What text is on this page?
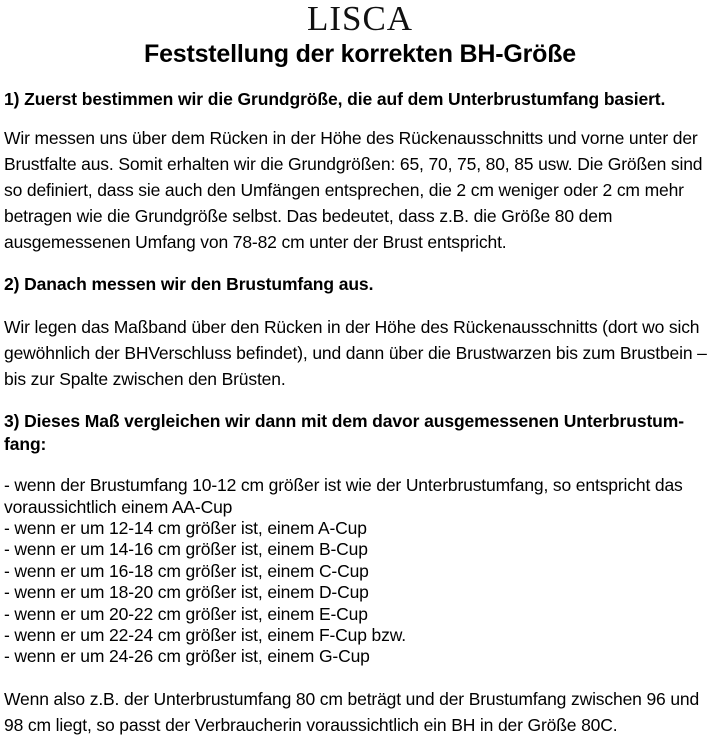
LISCA
Feststellung der korrekten BH-Größe

1) Zuerst bestimmen wir die Grundgröße, die auf dem Unterbrustumfang basiert.

Wir messen uns über dem Rücken in der Höhe des Rückenausschnitts und vorne unter der Brustfalte aus. Somit erhalten wir die Grundgrößen: 65, 70, 75, 80, 85 usw. Die Größen sind so definiert, dass sie auch den Umfängen entsprechen, die 2 cm weniger oder 2 cm mehr betragen wie die Grundgröße selbst. Das bedeutet, dass z.B. die Größe 80 dem ausgemessenen Umfang von 78-82 cm unter der Brust entspricht.

2) Danach messen wir den Brustumfang aus.

Wir legen das Maßband über den Rücken in der Höhe des Rückenausschnitts (dort wo sich gewöhnlich der BHVerschluss befindet), und dann über die Brustwarzen bis zum Brustbein – bis zur Spalte zwischen den Brüsten.

3) Dieses Maß vergleichen wir dann mit dem davor ausgemessenen Unterbrustum-

fang:

- wenn der Brustumfang 10-12 cm größer ist wie der Unterbrustumfang, so entspricht das voraussichtlich einem AA-Cup

- wenn er um 12-14 cm größer ist, einem A-Cup
- wenn er um 14-16 cm größer ist, einem B-Cup
- wenn er um 16-18 cm größer ist, einem C-Cup
- wenn er um 18-20 cm größer ist, einem D-Cup
- wenn er um 20-22 cm größer ist, einem E-Cup
- wenn er um 22-24 cm größer ist, einem F-Cup bzw.
- wenn er um 24-26 cm größer ist, einem G-Cup

Wenn also z.B. der Unterbrustumfang 80 cm beträgt und der Brustumfang zwischen 96 und 98 cm liegt, so passt der Verbraucherin voraussichtlich ein BH in der Größe 80C.
